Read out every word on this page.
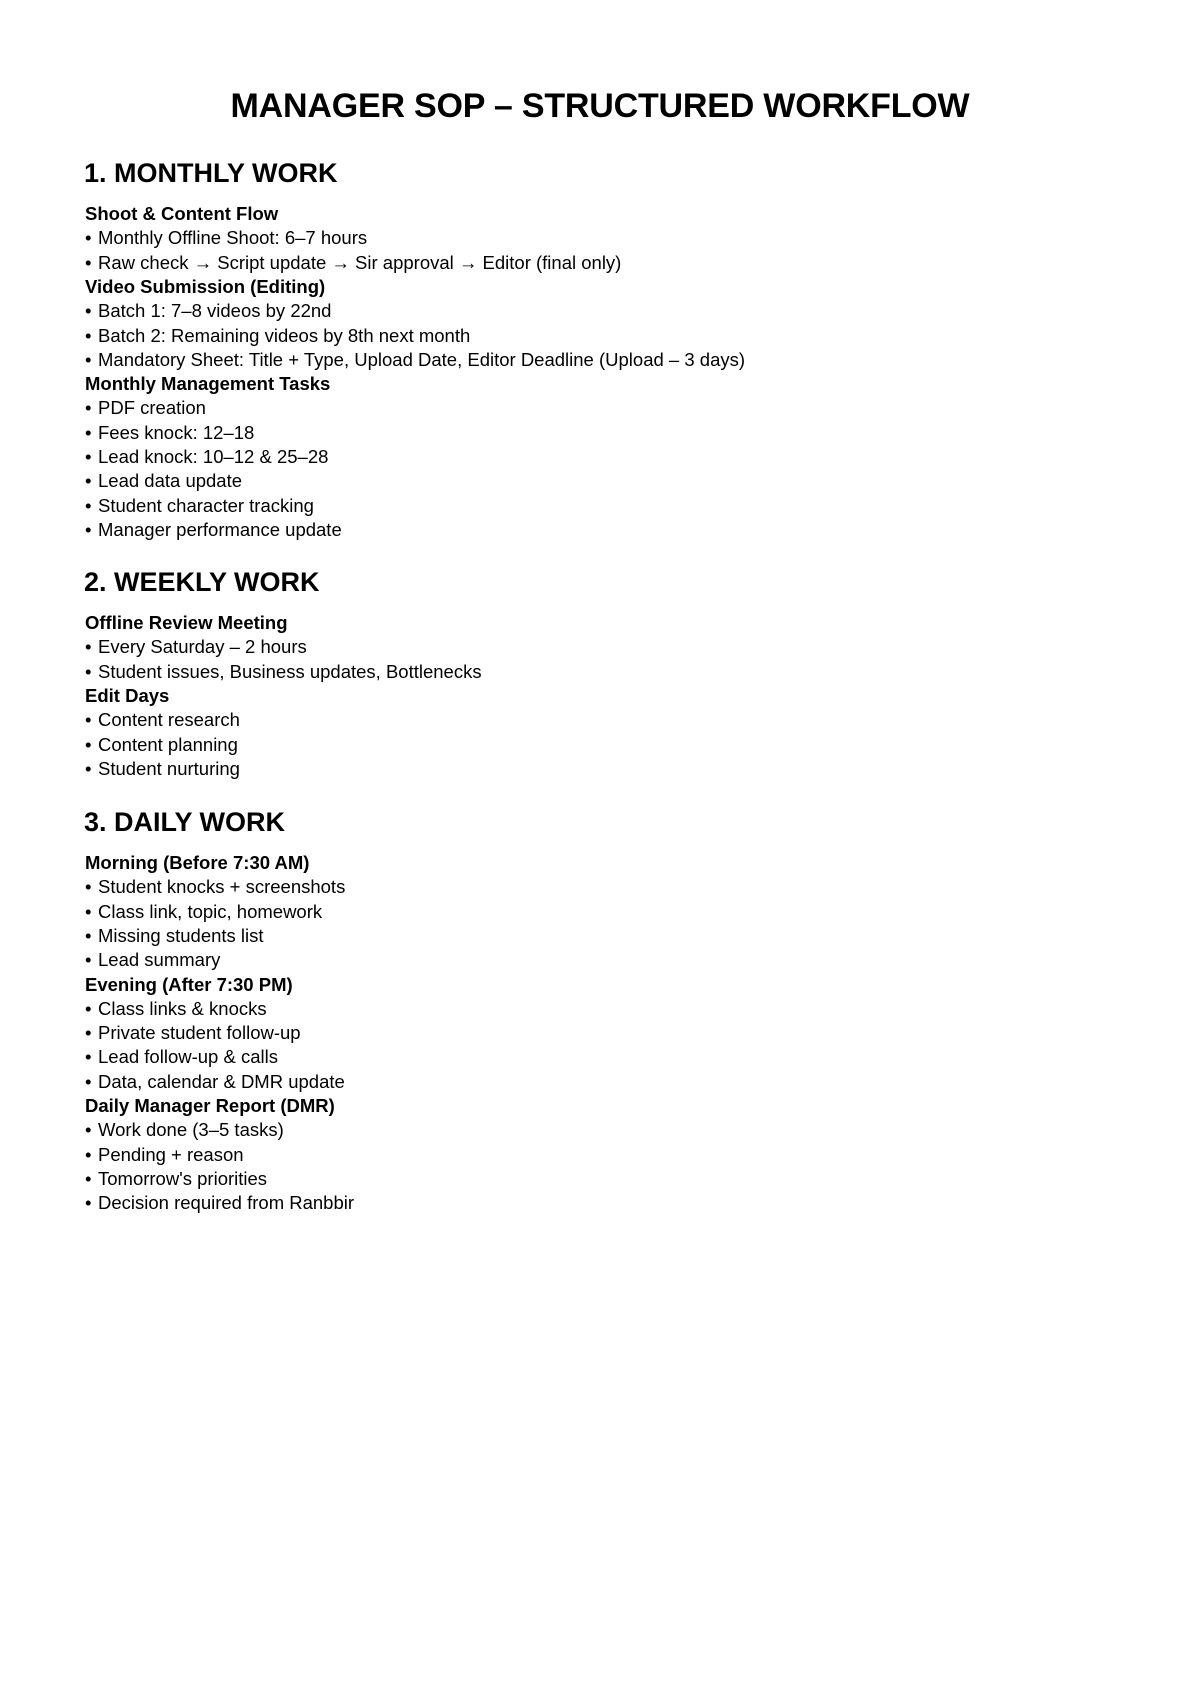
MANAGER SOP – STRUCTURED WORKFLOW
1. MONTHLY WORK
Shoot & Content Flow
• Monthly Offline Shoot: 6–7 hours
• Raw check → Script update → Sir approval → Editor (final only)
Video Submission (Editing)
• Batch 1: 7–8 videos by 22nd
• Batch 2: Remaining videos by 8th next month
• Mandatory Sheet: Title + Type, Upload Date, Editor Deadline (Upload – 3 days)
Monthly Management Tasks
• PDF creation
• Fees knock: 12–18
• Lead knock: 10–12 & 25–28
• Lead data update
• Student character tracking
• Manager performance update
2. WEEKLY WORK
Offline Review Meeting
• Every Saturday – 2 hours
• Student issues, Business updates, Bottlenecks
Edit Days
• Content research
• Content planning
• Student nurturing
3. DAILY WORK
Morning (Before 7:30 AM)
• Student knocks + screenshots
• Class link, topic, homework
• Missing students list
• Lead summary
Evening (After 7:30 PM)
• Class links & knocks
• Private student follow-up
• Lead follow-up & calls
• Data, calendar & DMR update
Daily Manager Report (DMR)
• Work done (3–5 tasks)
• Pending + reason
• Tomorrow's priorities
• Decision required from Ranbbir
